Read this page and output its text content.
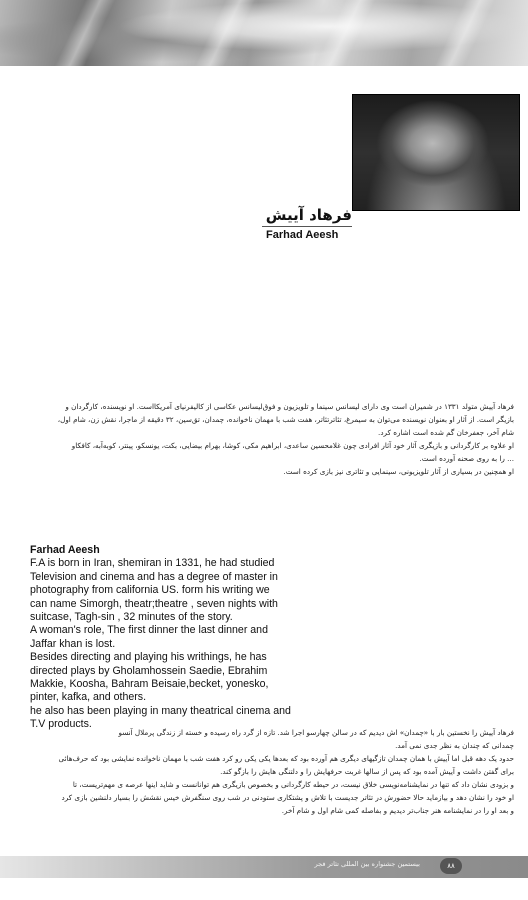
فرهاد آییش
Farhad Aeesh

فرهاد آییش متولد ۱۳۳۱ در شمیران است وی دارای لیسانس سینما و تلویزیون و فوق‌لیسانس عکاسی از کالیفرنیای آمریکااست. او نویسنده، کارگردان و

بازیگر است. از آثار او بعنوان نویسنده می‌توان به سیمرغ، تئاترتئاتر، هفت شب با مهمان ناخوانده، چمدان، تق‌سین، ۳۲ دقیقه از ماجرا، نقش زن، شام اول،

شام آخر، جعفرخان گم شده است اشاره کرد.

او علاوه بر کارگردانی و بازیگری آثار خود آثار افرادی چون غلامحسین ساعدی، ابراهیم مکی، کوشا، بهرام بیضایی، بکت، یونسکو، پینتر، کوبه‌آبه، کافکاو

... را به روی صحنه آورده است.

او همچنین در بسیاری از آثار تلویزیونی، سینمایی و تئاتری نیز بازی کرده است.

Farhad Aeesh

F.A is born in Iran, shemiran in 1331, he had studied

Television and cinema and has a degree of master in

photography from california US. form his writing we

can name Simorgh, theatr;theatre , seven nights with

suitcase, Tagh-sin , 32 minutes of the story.

A woman's role, The first dinner the last dinner and

Jaffar khan is lost.

Besides directing and playing his writhings, he has

directed plays by Gholamhossein Saedie, Ebrahim

Makkie, Koosha, Bahram Beisaie,becket, yonesko,

pinter, kafka, and others.

he also has been playing in many theatrical cinema and

T.V products.

فرهاد آییش را نخستین بار با «چمدان» اش دیدیم که در سالن چهارسو اجرا شد. تازه از گرد راه رسیده و خسته از زندگی پرملال آنسو

چمدانی که چندان به نظر جدی نمی آمد.

حدود یک دهه قبل اما آییش با همان چمدان تازگیهای دیگری هم آورده بود که بعدها یکی یکی رو کرد هفت شب با مهمان ناخوانده نمایشی بود که حرف‌هائی

برای گفتن داشت و آییش آمده بود که پس از سالها غربت حرفهایش را و دلتنگی هایش را بازگو کند.

و بزودی نشان داد که تنها در نمایشنامه‌نویسی خلاق نیست، در حیطه کارگردانی و بخصوص بازیگری هم توانانست و شاید اینها عرصه ی مهم‌تریست، تا

او خود را نشان دهد و بیازماید حالا حضورش در تئاتر جدیست با تلاش و پشتکاری ستودنی در شب روی سنگفرش خیس نقشش را بسیار دلنشین بازی کرد

و بعد او را در نمایشنامه هنر جناب‌تر دیدیم و بفاصله کمی شام اول و شام آخر.

۸۸
بیستمین جشنواره بین المللی تئاتر فجر
